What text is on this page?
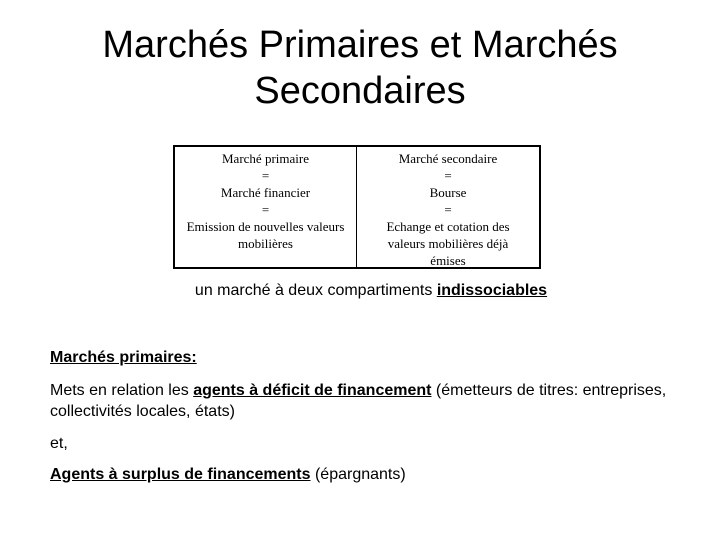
Marchés Primaires et Marchés
Secondaires
Marché primaire
=
Marché financier
=
Emission de nouvelles valeurs
mobilières
Marché secondaire
=
Bourse
=
Echange et cotation des
valeurs mobilières déjà
émises
un marché à deux compartiments indissociables
Marchés primaires:
Mets en relation les agents à déficit de financement (émetteurs de titres: entreprises, collectivités locales, états)
et,
Agents à surplus de financements (épargnants)
